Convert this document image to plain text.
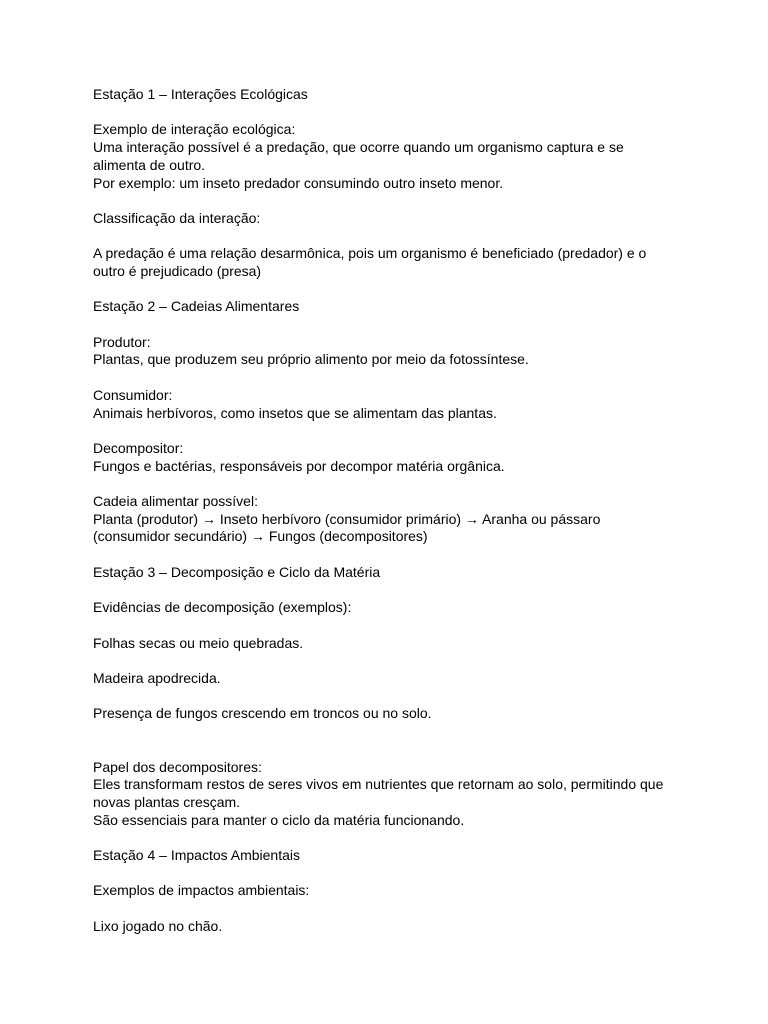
Estação 1 – Interações Ecológicas
Exemplo de interação ecológica:
Uma interação possível é a predação, que ocorre quando um organismo captura e se
alimenta de outro.
Por exemplo: um inseto predador consumindo outro inseto menor.
Classificação da interação:
A predação é uma relação desarmônica, pois um organismo é beneficiado (predador) e o
outro é prejudicado (presa)
Estação 2 – Cadeias Alimentares
Produtor:
Plantas, que produzem seu próprio alimento por meio da fotossíntese.
Consumidor:
Animais herbívoros, como insetos que se alimentam das plantas.
Decompositor:
Fungos e bactérias, responsáveis por decompor matéria orgânica.
Cadeia alimentar possível:
Planta (produtor) → Inseto herbívoro (consumidor primário) → Aranha ou pássaro
(consumidor secundário) → Fungos (decompositores)
Estação 3 – Decomposição e Ciclo da Matéria
Evidências de decomposição (exemplos):
Folhas secas ou meio quebradas.
Madeira apodrecida.
Presença de fungos crescendo em troncos ou no solo.
Papel dos decompositores:
Eles transformam restos de seres vivos em nutrientes que retornam ao solo, permitindo que
novas plantas cresçam.
São essenciais para manter o ciclo da matéria funcionando.
Estação 4 – Impactos Ambientais
Exemplos de impactos ambientais:
Lixo jogado no chão.
